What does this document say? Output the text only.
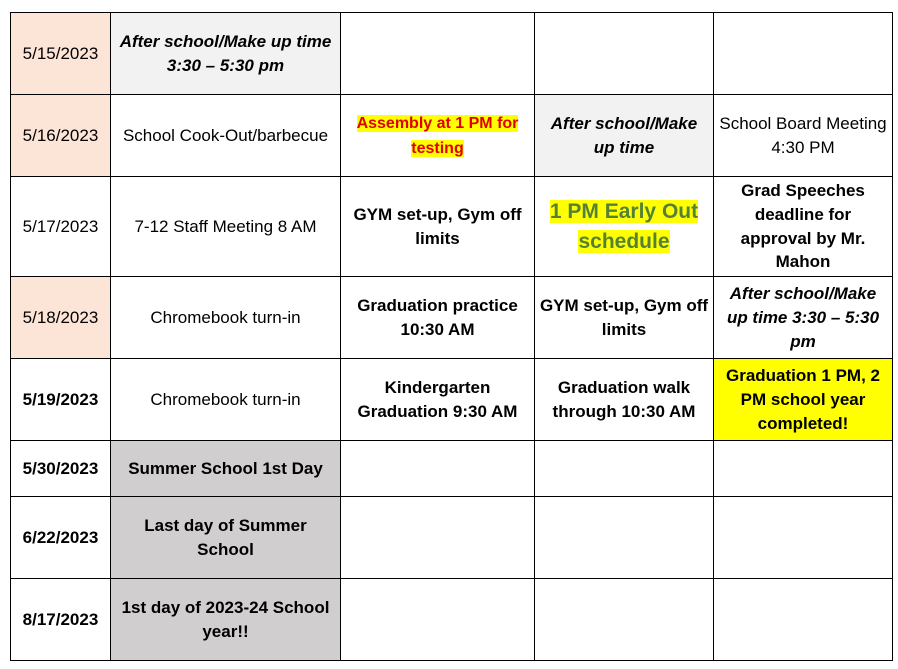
5/15/2023	After school/Make up time 3:30 – 5:30 pm			
5/16/2023	School Cook-Out/barbecue	Assembly at 1 PM for testing	After school/Make up time	School Board Meeting 4:30 PM
5/17/2023	7-12 Staff Meeting 8 AM	GYM set-up, Gym off limits	1 PM Early Out schedule	Grad Speeches deadline for approval by Mr. Mahon
5/18/2023	Chromebook turn-in	Graduation practice 10:30 AM	GYM set-up, Gym off limits	After school/Make up time 3:30 – 5:30 pm
5/19/2023	Chromebook turn-in	Kindergarten Graduation 9:30 AM	Graduation walk through 10:30 AM	Graduation 1 PM, 2 PM school year completed!
5/30/2023	Summer School 1st Day			
6/22/2023	Last day of Summer School			
8/17/2023	1st day of 2023-24 School year!!			
